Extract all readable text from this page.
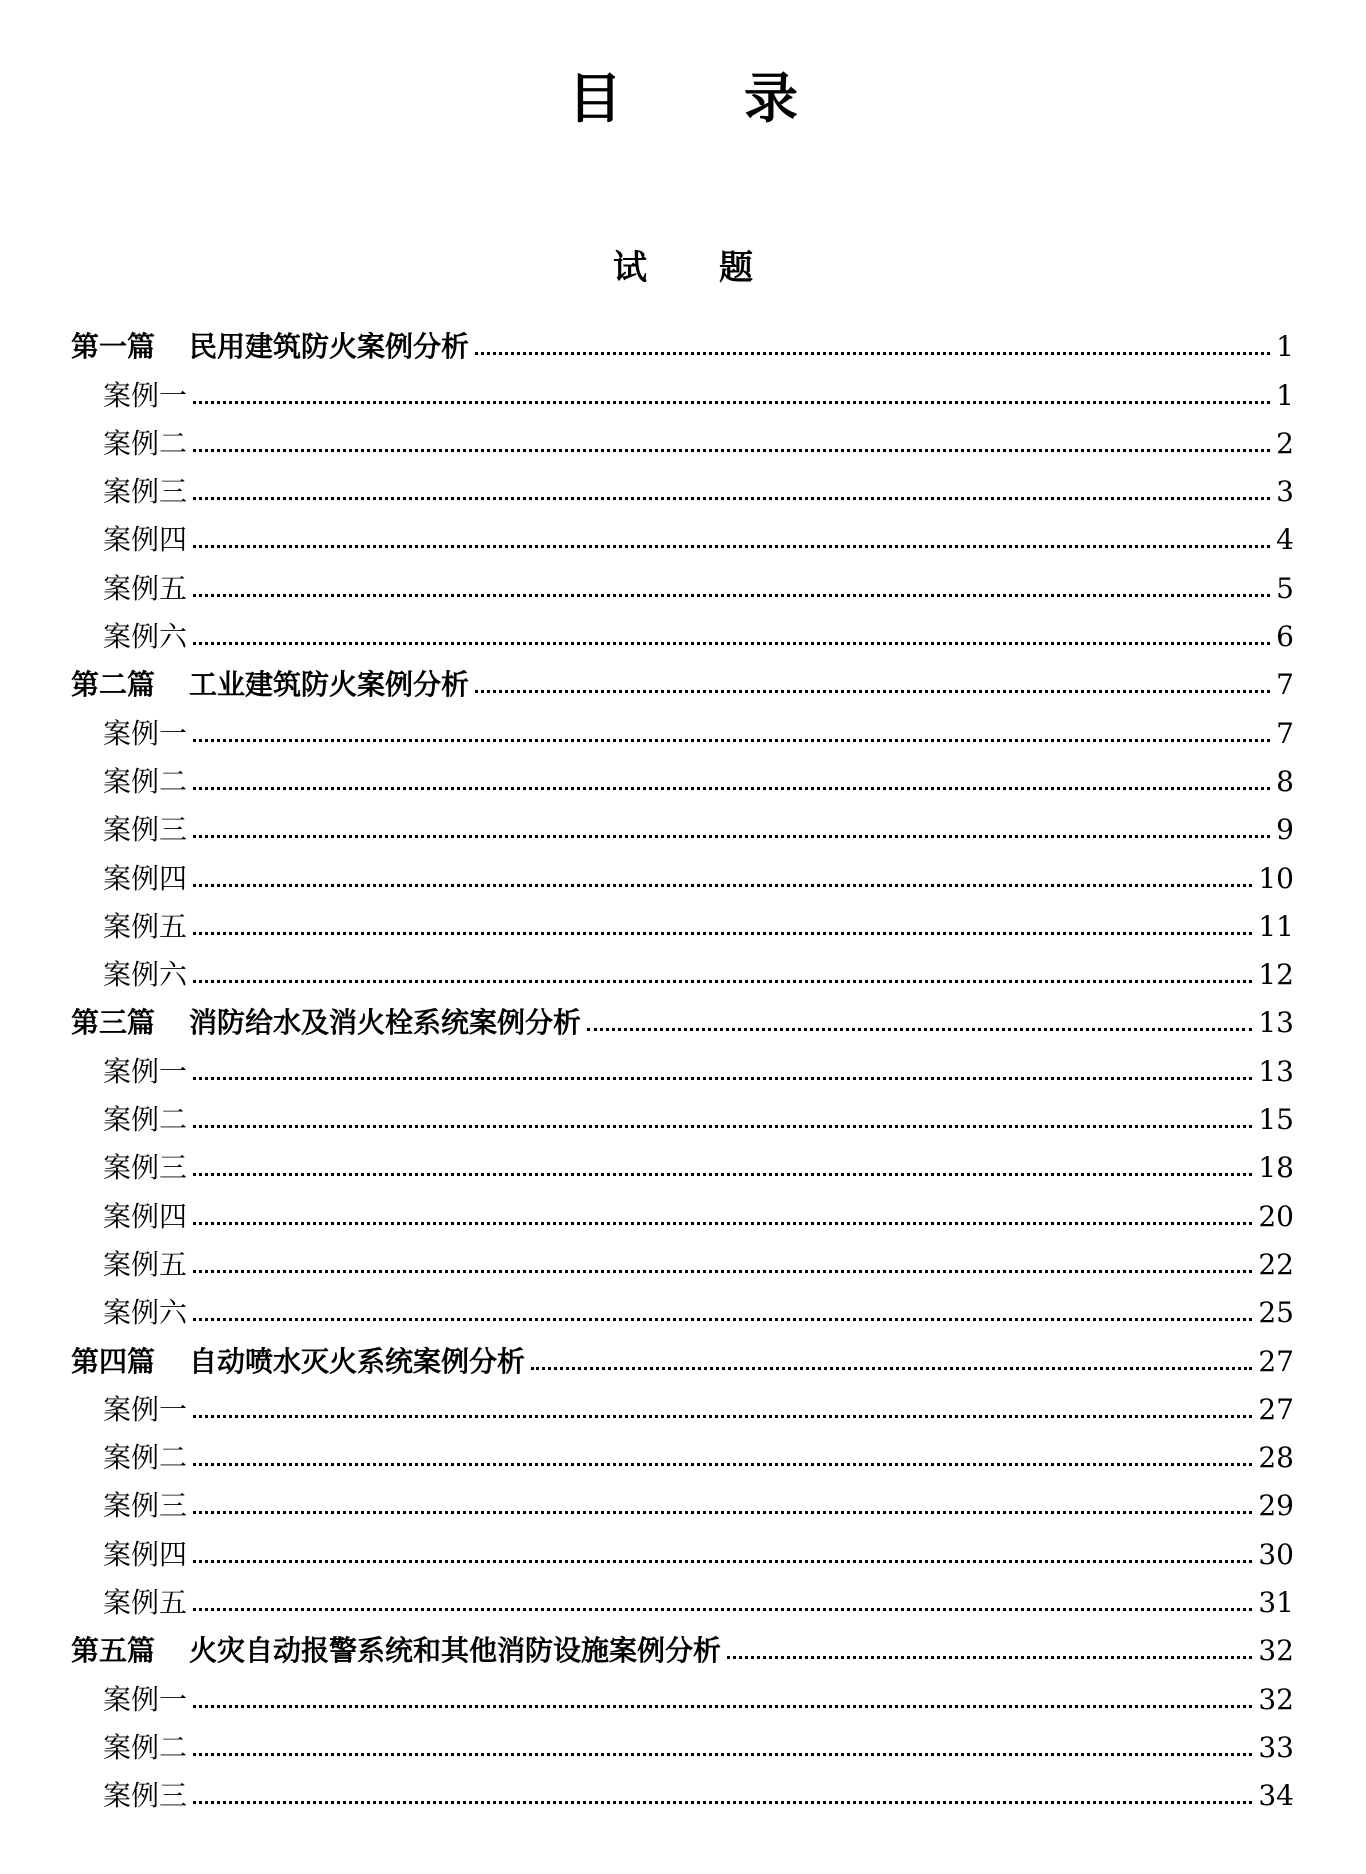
目 录
试 题
第一篇 民用建筑防火案例分析	1
案例一	1
案例二	2
案例三	3
案例四	4
案例五	5
案例六	6
第二篇 工业建筑防火案例分析	7
案例一	7
案例二	8
案例三	9
案例四	10
案例五	11
案例六	12
第三篇 消防给水及消火栓系统案例分析	13
案例一	13
案例二	15
案例三	18
案例四	20
案例五	22
案例六	25
第四篇 自动喷水灭火系统案例分析	27
案例一	27
案例二	28
案例三	29
案例四	30
案例五	31
第五篇 火灾自动报警系统和其他消防设施案例分析	32
案例一	32
案例二	33
案例三	34
